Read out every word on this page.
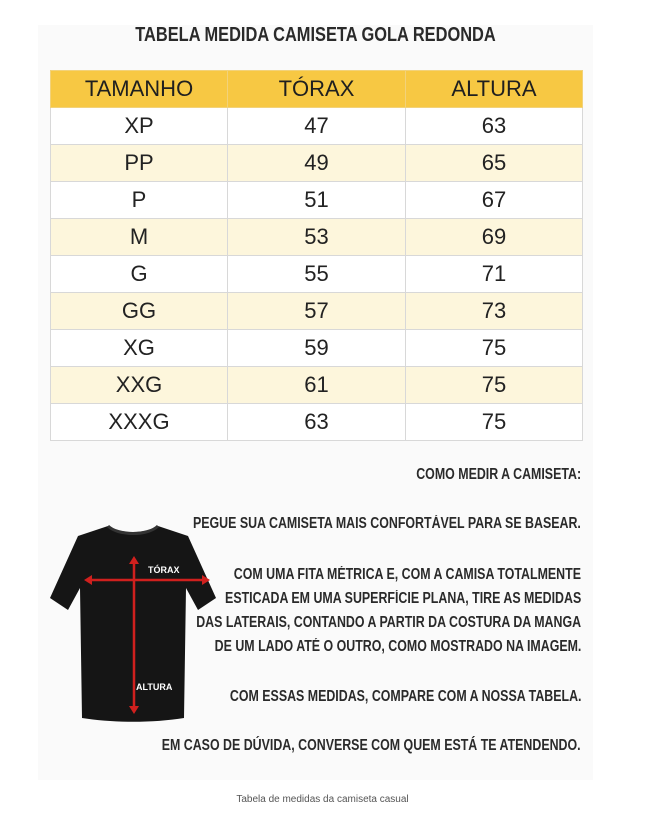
TABELA MEDIDA CAMISETA GOLA REDONDA
TAMANHO	TÓRAX	ALTURA
XP	47	63
PP	49	65
P	51	67
M	53	69
G	55	71
GG	57	73
XG	59	75
XXG	61	75
XXXG	63	75
COMO MEDIR A CAMISETA:
PEGUE SUA CAMISETA MAIS CONFORTÁVEL PARA SE BASEAR.
COM UMA FITA MÉTRICA E, COM A CAMISA TOTALMENTE
ESTICADA EM UMA SUPERFÍCIE PLANA, TIRE AS MEDIDAS
DAS LATERAIS, CONTANDO A PARTIR DA COSTURA DA MANGA
DE UM LADO ATÉ O OUTRO, COMO MOSTRADO NA IMAGEM.
COM ESSAS MEDIDAS, COMPARE COM A NOSSA TABELA.
EM CASO DE DÚVIDA, CONVERSE COM QUEM ESTÁ TE ATENDENDO.
TÓRAX
ALTURA
Tabela de medidas da camiseta casual
